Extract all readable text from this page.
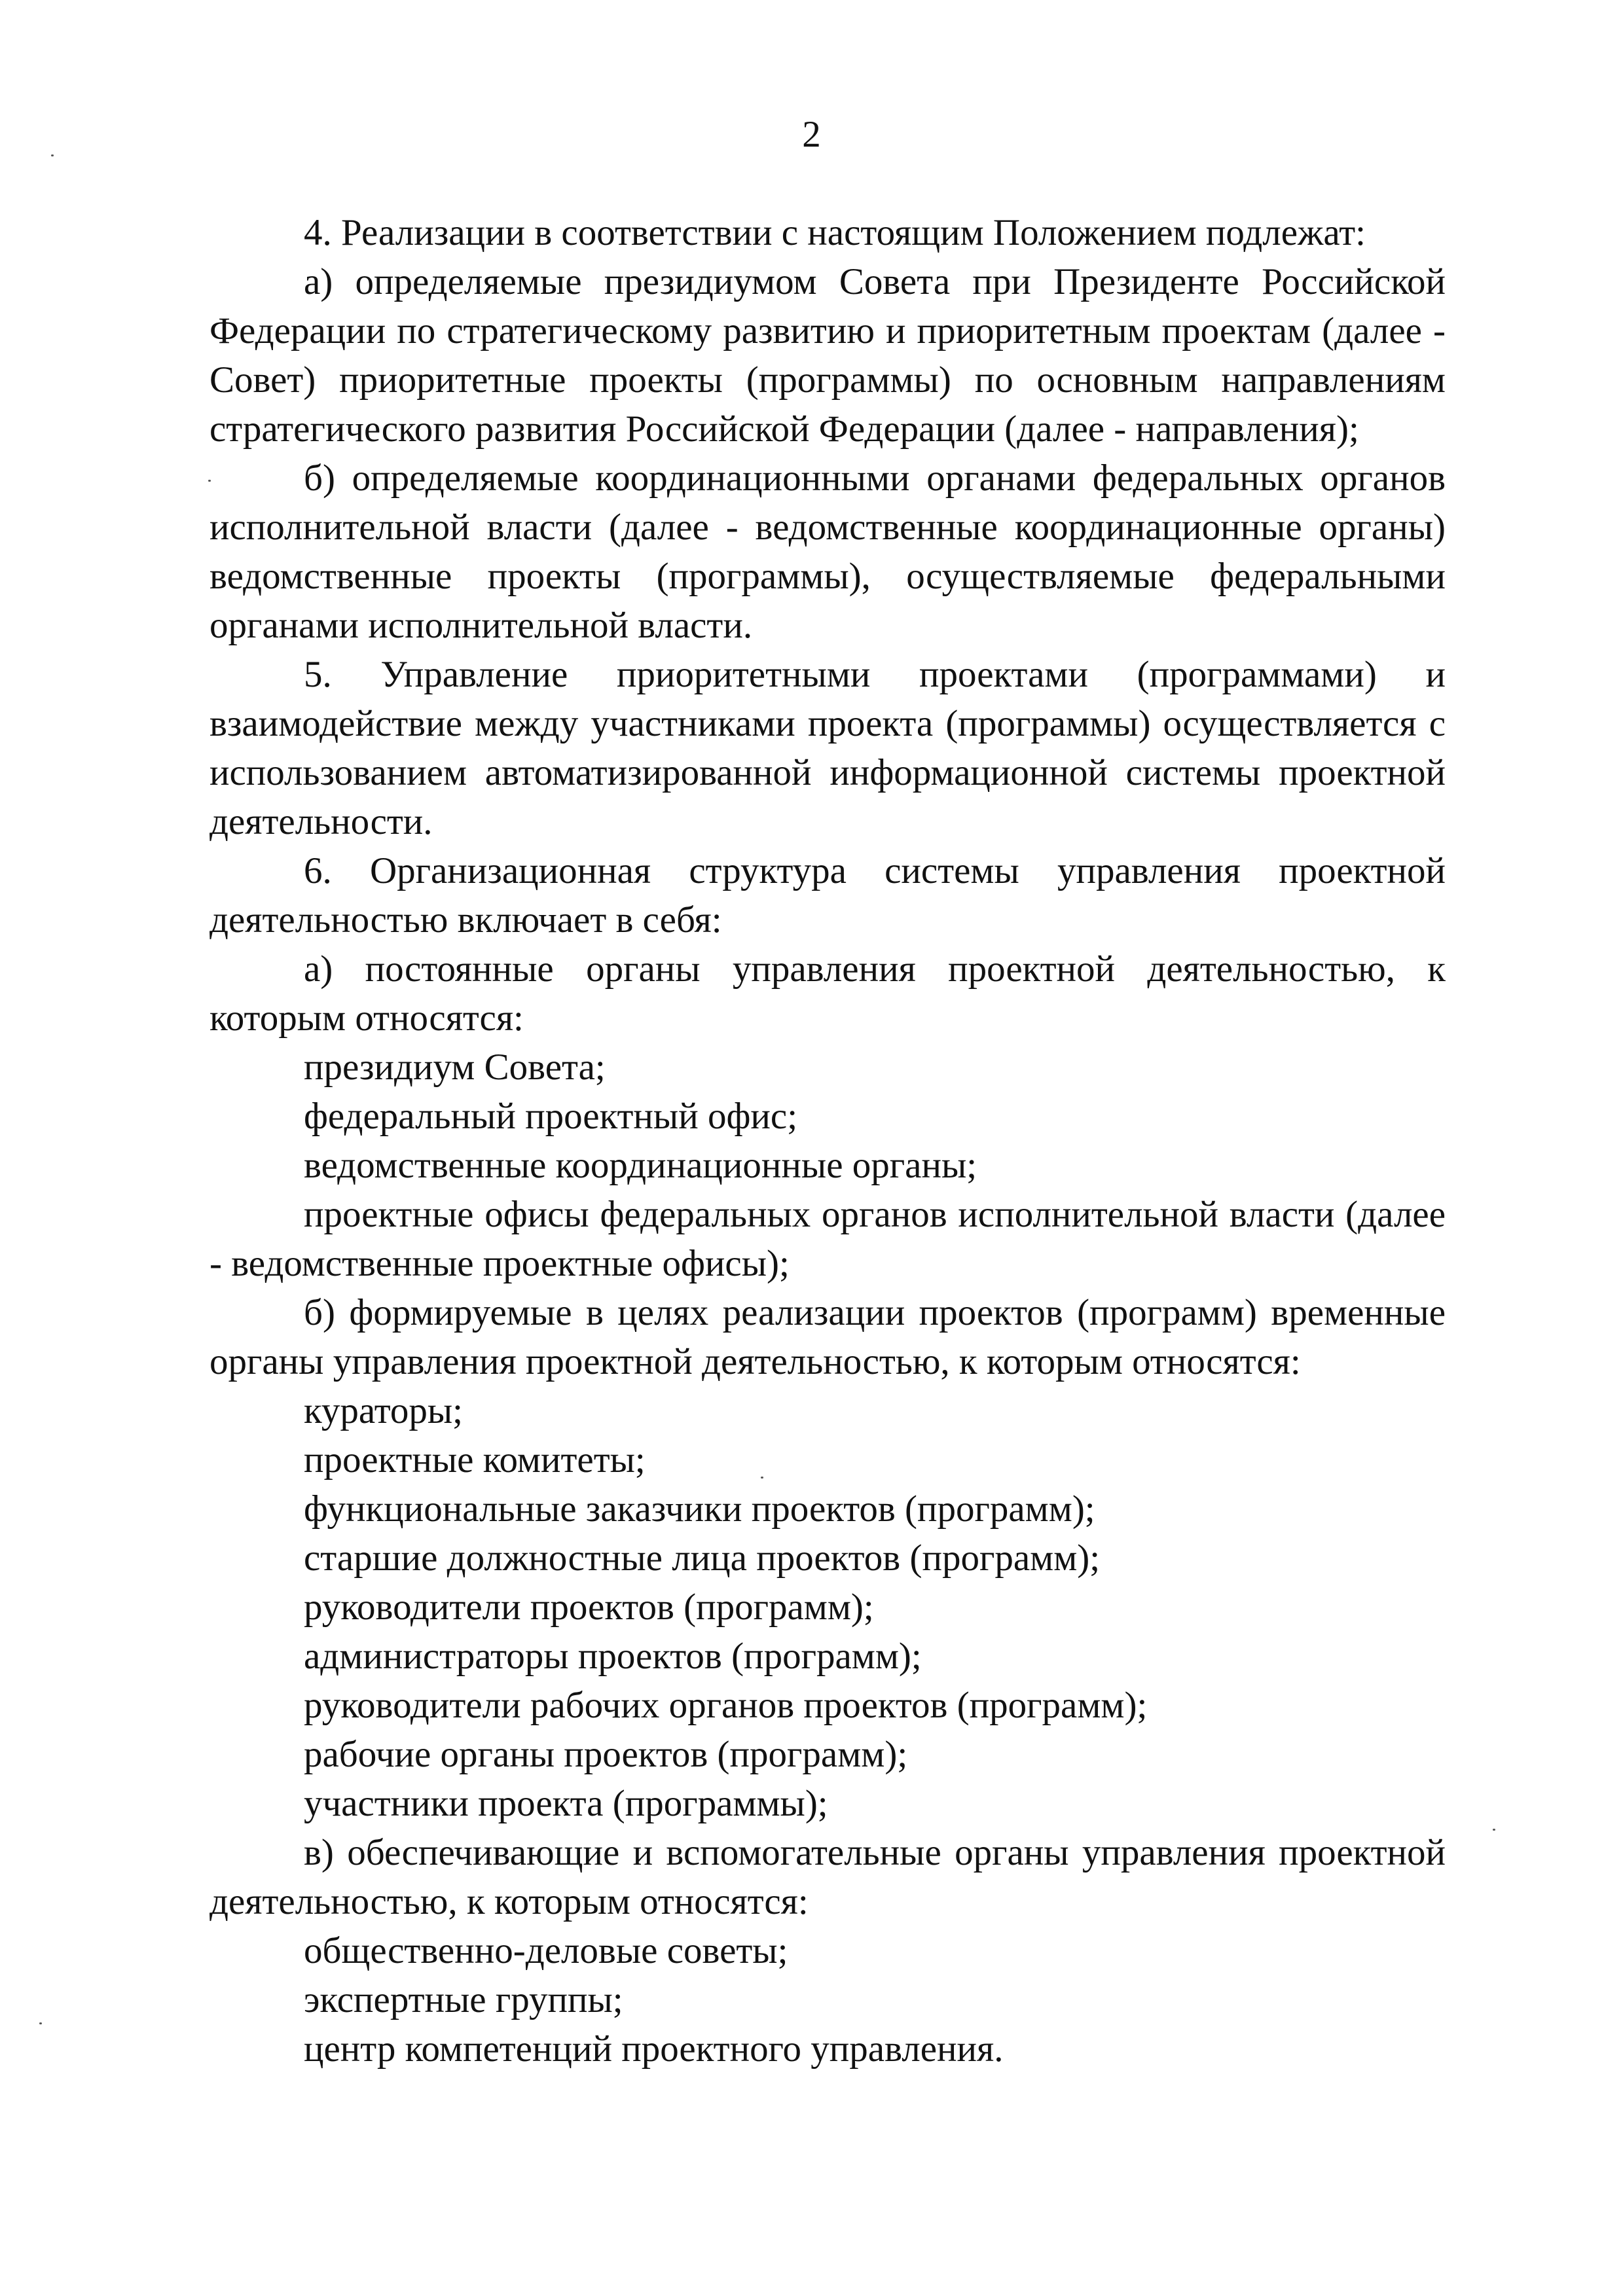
2

4. Реализации в соответствии с настоящим Положением подлежат:

а) определяемые президиумом Совета при Президенте Российской Федерации по стратегическому развитию и приоритетным проектам (далее - Совет) приоритетные проекты (программы) по основным направлениям стратегического развития Российской Федерации (далее - направления);

б) определяемые координационными органами федеральных органов исполнительной власти (далее - ведомственные координационные органы) ведомственные проекты (программы), осуществляемые федеральными органами исполнительной власти.

5. Управление приоритетными проектами (программами) и взаимодействие между участниками проекта (программы) осуществляется с использованием автоматизированной информационной системы проектной деятельности.

6. Организационная структура системы управления проектной деятельностью включает в себя:

а) постоянные органы управления проектной деятельностью, к которым относятся:

президиум Совета;

федеральный проектный офис;

ведомственные координационные органы;

проектные офисы федеральных органов исполнительной власти (далее - ведомственные проектные офисы);

б) формируемые в целях реализации проектов (программ) временные органы управления проектной деятельностью, к которым относятся:

кураторы;

проектные комитеты;

функциональные заказчики проектов (программ);

старшие должностные лица проектов (программ);

руководители проектов (программ);

администраторы проектов (программ);

руководители рабочих органов проектов (программ);

рабочие органы проектов (программ);

участники проекта (программы);

в) обеспечивающие и вспомогательные органы управления проектной деятельностью, к которым относятся:

общественно-деловые советы;

экспертные группы;

центр компетенций проектного управления.
